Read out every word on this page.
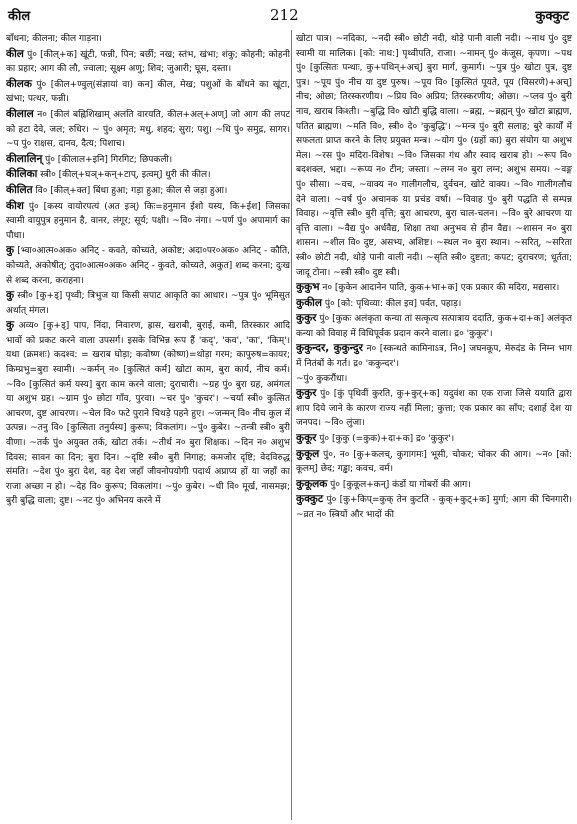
कील	212	कुक्कुट

बाँधना; कीलना; कील गाड़ना।

कील पुं० [कील्+क] खूंटी, फन्नी, पिन; बर्छी; नख; स्तंभ, खंभा; शंकु; कोहनी; कोहनी का प्रहार; आग की लौ, ज्वाला; सूक्ष्म अणु; शिव; जुआरी; घूस, दस्ता।

कीलक पुं० [कील+ण्वुल्(संज्ञायां वा) कन] कील, मेख; पशुओं के बाँधने का खूंटा, खंभा; पत्थर, फन्नी।

कीलाल न० [कीलं बह्निशिखाम् अलति वारयति, कील+अल्+अण्] जो आग की लपट को हटा देवे, जल; रुधिर। ~ पुं० अमृत; मधु, शहद; सुरा; पशु। ~धि पुं० समुद्र, सागर। ~प पुं० राक्षस, दानव, दैत्य; पिशाच।

कीलालिन् पुं० [कीलाल+इनि] गिरगिट; छिपकली।

कीलिका स्त्री० [कील्+घञ्+कन्+टाप्, इत्वम्] धुरी की कील।

कीलित वि० [कील्+क्त] बिंधा हुआ; गड़ा हुआ; कील से जड़ा हुआ।

कीश पुं० [कस्य वायोरपत्यं (अत इञ्) किः=हनुमान ईशो यस्य, कि+ईश] जिसका स्वामी वायुपुत्र हनुमान है, वानर, लंगूर; सूर्य; पक्षी। ~वि० नंगा। ~पर्ण पुं० अपामार्ग का पौधा।

कु [भ्वा०आत्म०अक० अनिट् - कवते, कोच्यते, अकोष्ट; अदा०पर०अक० अनिट् - कौति, कोच्यते, अकोषीत्; तुदा०आत्म०अक० अनिट् - कुवते, कोच्यते, अकुत] शब्द करना; दुःख से शब्द करना, कराहना।

कु स्त्री० [कु+ड्] पृथ्वी; त्रिभुज या किसी सपाट आकृति का आधार। ~पुत्र पुं० भूमिसुत अर्थात् मंगल।

कु अव्य० [कु+ड्] पाप, निंदा, निवारण, ह्रास, खराबी, बुराई, कमी, तिरस्कार आदि भावों को प्रकट करने वाला उपसर्ग। इसके विभिन्न रूप हैं 'कद्', 'कव', 'का', 'किम्'। यथा (क्रमशः) कदश्व: = खराब घोड़ा; कवोष्ण (कोष्ण)=थोड़ा गरम; कापुरुष=कायर; किम्प्रभु=बुरा स्वामी। ~कर्मन् न० [कुत्सितं कर्म] खोटा काम, बुरा कार्य, नीच कर्म। ~वि० [कुत्सितं कर्म यस्य] बुरा काम करने वाला; दुराचारी। ~ग्रह पुं० बुरा ग्रह, अमंगल या अशुभ ग्रह। ~ग्राम पुं० छोटा गाँव, पुरवा। ~चर पुं० 'कुचर'। ~चर्या स्त्री० कुत्सित आचरण, दुष्ट आचरण। ~चेल वि० फटे पुराने चिथड़े पहने हुए। ~जन्मन् वि० नीच कुल में उत्पन्न। ~तनु वि० [कुत्सिता तनुर्यस्य] कुरूप; विकलांग। ~पुं० कुबेर। ~तन्त्री स्त्री० बुरी वीणा। ~तर्क पुं० अयुक्त तर्क, खोटा तर्क। ~तीर्थ न० बुरा शिक्षक। ~दिन न० अशुभ दिवस; सावन का दिन; बुरा दिन। ~दृष्टि स्त्री० बुरी निगाह; कमजोर दृष्टि; वेदविरुद्ध संमति। ~देश पुं० बुरा देश, वह देश जहाँ जीवनोपयोगी पदार्थ अप्राप्य हों या जहाँ का राजा अच्छा न हो। ~देह वि० कुरूप; विकलांग। ~पुं० कुबेर। ~धी वि० मूर्ख, नासमझ; बुरी बुद्धि वाला; दुष्ट। ~नट पुं० अभिनय करने में

खोटा पात्र। ~नदिका, ~नदी स्त्री० छोटी नदी, थोड़े पानी वाली नदी। ~नाथ पुं० दुष्ट स्वामी या मालिक। [को: नाथ:] पृथ्वीपति, राजा। ~नामन् पुं० कंजूस, कृपण। ~पथ पुं० [कुत्सितः पन्थाः, कु+पथिन्+अच्] बुरा मार्ग, कुमार्ग। ~पुत्र पुं० खोटा पुत्र, दुष्ट पुत्र। ~पूय पुं० नीच या दुष्ट पुरुष। ~पूय वि० [कुत्सितं पूयते, पूय (विसरणे)+अच्] नीच; ओछा; तिरस्करणीय। ~प्रिय वि० अप्रिय; तिरस्करणीय; ओछा। ~प्लव पुं० बुरी नाव, खराब किश्ती। ~बुद्धि वि० खोटी बुद्धि वाला। ~ब्रह्म, ~ब्रह्मन् पुं० खोटा ब्राह्मण, पतित ब्राह्मण। ~मति वि०, स्त्री० दे० 'कुबुद्धि'। ~मन्त्र पुं० बुरी सलाह; बुरे कार्यों में सफलता प्राप्त करने के लिए प्रयुक्त मन्त्र। ~योग पुं० (ग्रहों का) बुरा संयोग या अशुभ मेल। ~रस पुं० मदिरा-विशेष। ~वि० जिसका गंध और स्वाद खराब हो। ~रूप वि० बदशक्ल, भद्दा। ~रूप्य न० टीन; जस्ता। ~लग्न न० बुरा लग्न; अशुभ समय। ~वङ्ग पुं० सीसा। ~वच, ~वाक्य न० गालीगलौच, दुर्वचन, खोटे वाक्य। ~वि० गालीगलौच देने वाला। ~वर्ष पुं० अचानक या प्रचंड वर्षा। ~विवाह पुं० बुरी पद्धति से सम्पन्न विवाह। ~वृत्ति स्त्री० बुरी वृत्ति; बुरा आचरण, बुरा चाल-चलन। ~वि० बुरे आचरण या वृत्ति वाला। ~वैद्य पुं० अर्धवैद्य, शिक्षा तथा अनुभव से हीन वैद्य। ~शासन न० बुरा शासन। ~शील वि० दुष्ट, असभ्य, अशिष्ट। ~स्थल न० बुरा स्थान। ~सरित्, ~सरिता स्त्री० छोटी नदी, थोड़े पानी वाली नदी। ~सृति स्त्री० दुष्टता; कपट; दुराचरण; धूर्तता; जादू टोना। ~स्त्री स्त्री० दुष्ट स्त्री।

कुकुभ न० [कुकेन आदानेन पाति, कुक+भा+क] एक प्रकार की मदिरा, मद्यसार।

कुकील पुं० [को: पृथिव्या: कील इव] पर्वत, पहाड़।

कुकुर पुं० [कुकः अलंकृता कन्या तां सत्कृत्य सत्पात्राय ददाति, कुक+दा+क] अलंकृत कन्या को विवाह में विधिपूर्वक प्रदान करने वाला। द्र० 'कुकुर'।

कुकुन्दर, कुकुन्दुर न० [स्कन्धते कामिनाऽत्र, नि०] जघनकूप, मेरुदंड के निम्न भाग में नितंबों के गर्त। द्र० 'ककुन्दर'।

~पुं० कुकरौंधा।

कुकुर पुं० [कुं पृथिवीं कुरति, कु+कुर्+क] यदुवंश का एक राजा जिसे ययाति द्वारा शाप दिये जाने के कारण राज्य नहीं मिला; कुत्ता; एक प्रकार का साँप; दशार्ह देश या जनपद। ~वि० लुंजा।

कुकूर पुं० [कुकु (=कुक)+दा+क] द्र० 'कुकुर'।

कुकूल पुं०, न० [कु+कलच्, कुगागमः] भूसी, चोकर; चोकर की आग। ~न० [को: कूलम्] छेद; गड्ढा; कवच, वर्म।

कुकूलक पुं० [कुकूल+कन्] कंडों या गोबरों की आग।

कुक्कुट पुं० [कु+किप्=कुक् तेन कुटति - कुक्+कुट्+क] मुर्गा; आग की चिनगारी। ~व्रत न० स्त्रियों और भादों की
